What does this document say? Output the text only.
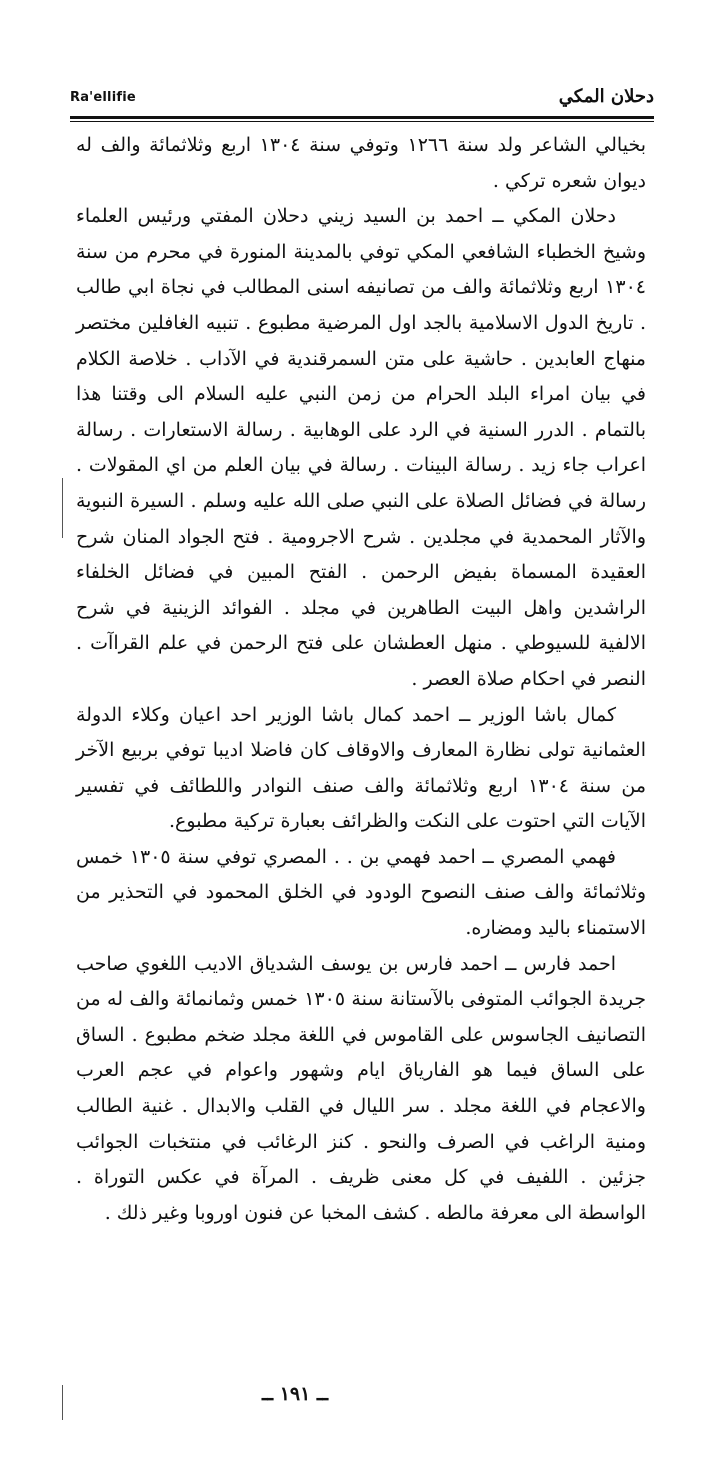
Ra'ellifie	دحلان المكي

بخيالي الشاعر ولد سنة ١٢٦٦ وتوفي سنة ١٣٠٤ اربع وثلاثمائة والف له ديوان شعره تركي .

دحلان المكي ــ احمد بن السيد زيني دحلان المفتي ورئيس العلماء وشيخ الخطباء الشافعي المكي توفي بالمدينة المنورة في محرم من سنة ١٣٠٤ اربع وثلاثمائة والف من تصانيفه اسنى المطالب في نجاة ابي طالب . تاريخ الدول الاسلامية بالجد اول المرضية مطبوع . تنبيه الغافلين مختصر منهاج العابدين . حاشية على متن السمرقندية في الآداب . خلاصة الكلام في بيان امراء البلد الحرام من زمن النبي عليه السلام الى وقتنا هذا بالتمام . الدرر السنية في الرد على الوهابية . رسالة الاستعارات . رسالة اعراب جاء زيد . رسالة البينات . رسالة في بيان العلم من اي المقولات . رسالة في فضائل الصلاة على النبي صلى الله عليه وسلم . السيرة النبوية والآثار المحمدية في مجلدين . شرح الاجرومية . فتح الجواد المنان شرح العقيدة المسماة بفيض الرحمن . الفتح المبين في فضائل الخلفاء الراشدين واهل البيت الطاهرين في مجلد . الفوائد الزينية في شرح الالفية للسيوطي . منهل العطشان على فتح الرحمن في علم القراآت . النصر في احكام صلاة العصر .

كمال باشا الوزير ــ احمد كمال باشا الوزير احد اعيان وكلاء الدولة العثمانية تولى نظارة المعارف والاوقاف كان فاضلا اديبا توفي بربيع الآخر من سنة ١٣٠٤ اربع وثلاثمائة والف صنف النوادر واللطائف في تفسير الآيات التي احتوت على النكت والظرائف بعبارة تركية مطبوع.

فهمي المصري ــ احمد فهمي بن . . المصري توفي سنة ١٣٠٥ خمس وثلاثمائة والف صنف النصوح الودود في الخلق المحمود في التحذير من الاستمناء باليد ومضاره.

احمد فارس ــ احمد فارس بن يوسف الشدياق الاديب اللغوي صاحب جريدة الجوائب المتوفى بالآستانة سنة ١٣٠٥ خمس وثمانمائة والف له من التصانيف الجاسوس على القاموس في اللغة مجلد ضخم مطبوع . الساق على الساق فيما هو الفارياق ايام وشهور واعوام في عجم العرب والاعجام في اللغة مجلد . سر الليال في القلب والابدال . غنية الطالب ومنية الراغب في الصرف والنحو . كنز الرغائب في منتخبات الجوائب جزئين . اللفيف في كل معنى ظريف . المرآة في عكس التوراة . الواسطة الى معرفة مالطه . كشف المخبا عن فنون اوروبا وغير ذلك .

ــ ١٩١ ــ
